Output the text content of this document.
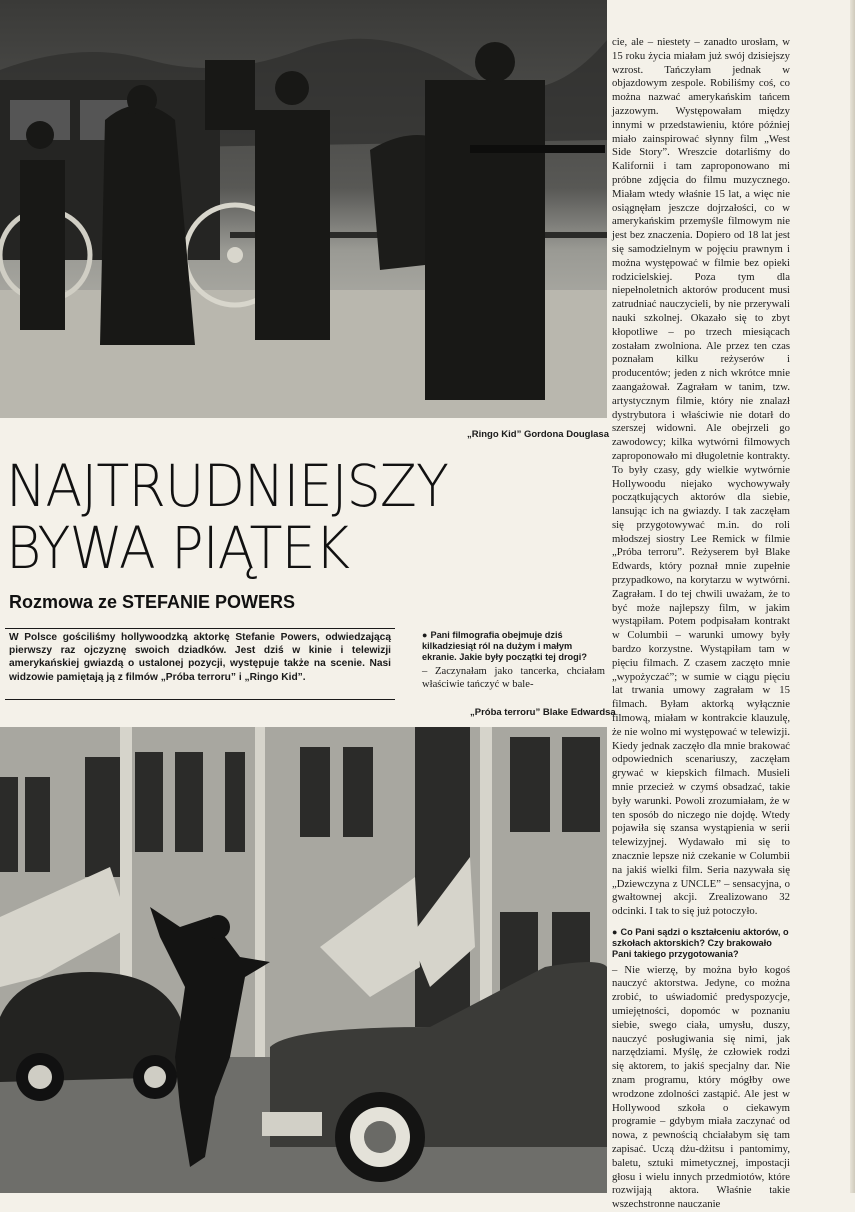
„Ringo Kid” Gordona Douglasa
NAJTRUDNIEJSZY
BYWA PIĄTEK
Rozmowa ze STEFANIE POWERS

W Polsce gościliśmy hollywoodzką aktorkę Stefanie Powers, odwiedzającą pierwszy raz ojczyznę swoich dziadków. Jest dziś w kinie i telewizji amerykańskiej gwiazdą o ustalonej pozycji, występuje także na scenie. Nasi widzowie pamiętają ją z filmów „Próba terroru” i „Ringo Kid”.

● Pani filmografia obejmuje dziś kilkadziesiąt ról na dużym i małym ekranie. Jakie były początki tej drogi?

– Zaczynałam jako tancerka, chciałam właściwie tańczyć w bale-

„Próba terroru” Blake Edwardsa

cie, ale – niestety – zanadto urosłam, w 15 roku życia miałam już swój dzisiejszy wzrost. Tańczyłam jednak w objazdowym zespole. Robiliśmy coś, co można nazwać amerykańskim tańcem jazzowym. Występowałam między innymi w przedstawieniu, które później miało zainspirować słynny film „West Side Story”. Wreszcie dotarliśmy do Kalifornii i tam zaproponowano mi próbne zdjęcia do filmu muzycznego. Miałam wtedy właśnie 15 lat, a więc nie osiągnęłam jeszcze dojrzałości, co w amerykańskim przemyśle filmowym nie jest bez znaczenia. Dopiero od 18 lat jest się samodzielnym w pojęciu prawnym i można występować w filmie bez opieki rodzicielskiej. Poza tym dla niepełnoletnich aktorów producent musi zatrudniać nauczycieli, by nie przerywali nauki szkolnej. Okazało się to zbyt kłopotliwe – po trzech miesiącach zostałam zwolniona. Ale przez ten czas poznałam kilku reżyserów i producentów; jeden z nich wkrótce mnie zaangażował. Zagrałam w tanim, tzw. artystycznym filmie, który nie znalazł dystrybutora i właściwie nie dotarł do szerszej widowni. Ale obejrzeli go zawodowcy; kilka wytwórni filmowych zaproponowało mi długoletnie kontrakty. To były czasy, gdy wielkie wytwórnie Hollywoodu niejako wychowywały początkujących aktorów dla siebie, lansując ich na gwiazdy. I tak zaczęłam się przygotowywać m.in. do roli młodszej siostry Lee Remick w filmie „Próba terroru”. Reżyserem był Blake Edwards, który poznał mnie zupełnie przypadkowo, na korytarzu w wytwórni. Zagrałam. I do tej chwili uważam, że to być może najlepszy film, w jakim wystąpiłam. Potem podpisałam kontrakt w Columbii – warunki umowy były bardzo korzystne. Wystąpiłam tam w pięciu filmach. Z czasem zaczęto mnie „wypożyczać”; w sumie w ciągu pięciu lat trwania umowy zagrałam w 15 filmach. Byłam aktorką wyłącznie filmową, miałam w kontrakcie klauzulę, że nie wolno mi występować w telewizji. Kiedy jednak zaczęło dla mnie brakować odpowiednich scenariuszy, zaczęłam grywać w kiepskich filmach. Musieli mnie przecież w czymś obsadzać, takie były warunki. Powoli zrozumiałam, że w ten sposób do niczego nie dojdę. Wtedy pojawiła się szansa wystąpienia w serii telewizyjnej. Wydawało mi się to znacznie lepsze niż czekanie w Columbii na jakiś wielki film. Seria nazywała się „Dziewczyna z UNCLE” – sensacyjna, o gwałtownej akcji. Zrealizowano 32 odcinki. I tak to się już potoczyło.

● Co Pani sądzi o kształceniu aktorów, o szkołach aktorskich? Czy brakowało Pani takiego przygotowania?

– Nie wierzę, by można było kogoś nauczyć aktorstwa. Jedyne, co można zrobić, to uświadomić predyspozycje, umiejętności, dopomóc w poznaniu siebie, swego ciała, umysłu, duszy, nauczyć posługiwania się nimi, jak narzędziami. Myślę, że człowiek rodzi się aktorem, to jakiś specjalny dar. Nie znam programu, który mógłby owe wrodzone zdolności zastąpić. Ale jest w Hollywood szkoła o ciekawym programie – gdybym miała zaczynać od nowa, z pewnością chciałabym się tam zapisać. Uczą dżu-dżitsu i pantomimy, baletu, sztuki mimetycznej, impostacji głosu i wielu innych przedmiotów, które rozwijają aktora. Właśnie takie wszechstronne nauczanie
